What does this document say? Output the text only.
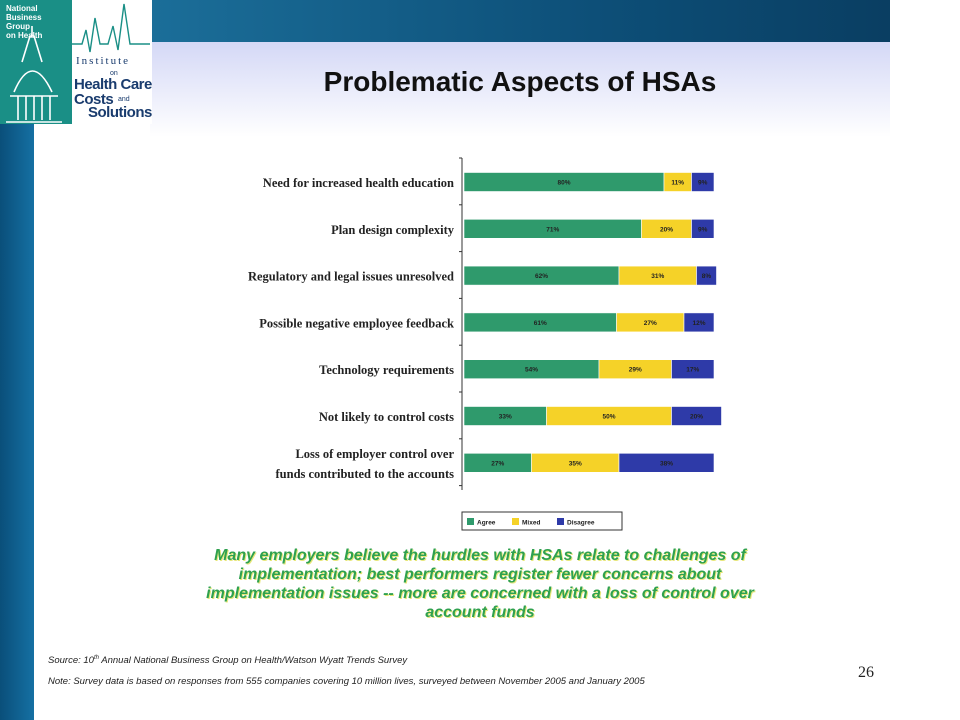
National
Business
Group
on Health
Institute
on
Health Care
Costs and
Solutions
Problematic Aspects of HSAs
Need for increased health education	80%	11% 9%
Plan design complexity	71%	20%	9%
Regulatory and legal issues unresolved	62%	31%	8%
Possible negative employee feedback	61%	27%	12%
Technology requirements	54%	29%	17%
Not likely to control costs	33%	50%	20%
Loss of employer control over
funds contributed to the accounts
27%	35%	38%
Agree	Mixed	Disagree
Many employers believe the hurdles with HSAs relate to challenges of implementation; best performers register fewer concerns about implementation issues -- more are concerned with a loss of control over account funds
Source: 10th Annual National Business Group on Health/Watson Wyatt Trends Survey
Note: Survey data is based on responses from 555 companies covering 10 million lives, surveyed between November 2005 and January 2005
26
